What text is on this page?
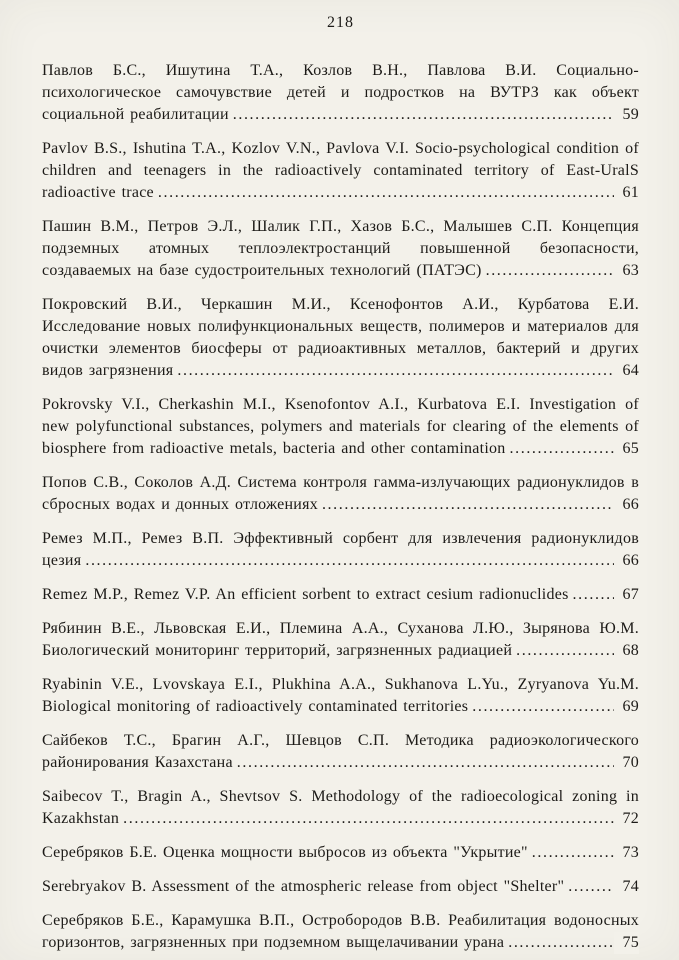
218

Павлов Б.С., Ишутина Т.А., Козлов В.Н., Павлова В.И. Социально-психологическое самочувствие детей и подростков на ВУТРЗ как объект социальной реабилитации .....	59

Pavlov B.S., Ishutina T.A., Kozlov V.N., Pavlova V.I. Socio-psychological condition of children and teenagers in the radioactively contaminated territory of East-UralS radioactive trace .....	61

Пашин В.М., Петров Э.Л., Шалик Г.П., Хазов Б.С., Малышев С.П. Концепция подземных атомных теплоэлектростанций повышенной безопасности, создаваемых на базе судостроительных технологий (ПАТЭС) .....	63

Покровский В.И., Черкашин М.И., Ксенофонтов А.И., Курбатова Е.И. Исследование новых полифункциональных веществ, полимеров и материалов для очистки элементов биосферы от радиоактивных металлов, бактерий и других видов загрязнения .....	64

Pokrovsky V.I., Cherkashin M.I., Ksenofontov A.I., Kurbatova E.I. Investigation of new polyfunctional substances, polymers and materials for clearing of the elements of biosphere from radioactive metals, bacteria and other contamination .....	65

Попов С.В., Соколов А.Д. Система контроля гамма-излучающих радионуклидов в сбросных водах и донных отложениях .....	66

Ремез М.П., Ремез В.П. Эффективный сорбент для извлечения радионуклидов цезия .....	66

Remez M.P., Remez V.P. An efficient sorbent to extract cesium radionuclides .....	67

Рябинин В.Е., Львовская Е.И., Племина А.А., Суханова Л.Ю., Зырянова Ю.М. Биологический мониторинг территорий, загрязненных радиацией .....	68

Ryabinin V.E., Lvovskaya E.I., Plukhina A.A., Sukhanova L.Yu., Zyryanova Yu.M. Biological monitoring of radioactively contaminated territories .....	69

Сайбеков Т.С., Брагин А.Г., Шевцов С.П. Методика радиоэкологического районирования Казахстана .....	70

Saibecov T., Bragin A., Shevtsov S. Methodology of the radioecological zoning in Kazakhstan .....	72

Серебряков Б.Е. Оценка мощности выбросов из объекта "Укрытие" .....	73

Serebryakov B. Assessment of the atmospheric release from object "Shelter" .....	74

Серебряков Б.Е., Карамушка В.П., Остробородов В.В. Реабилитация водоносных горизонтов, загрязненных при подземном выщелачивании урана .....	75
